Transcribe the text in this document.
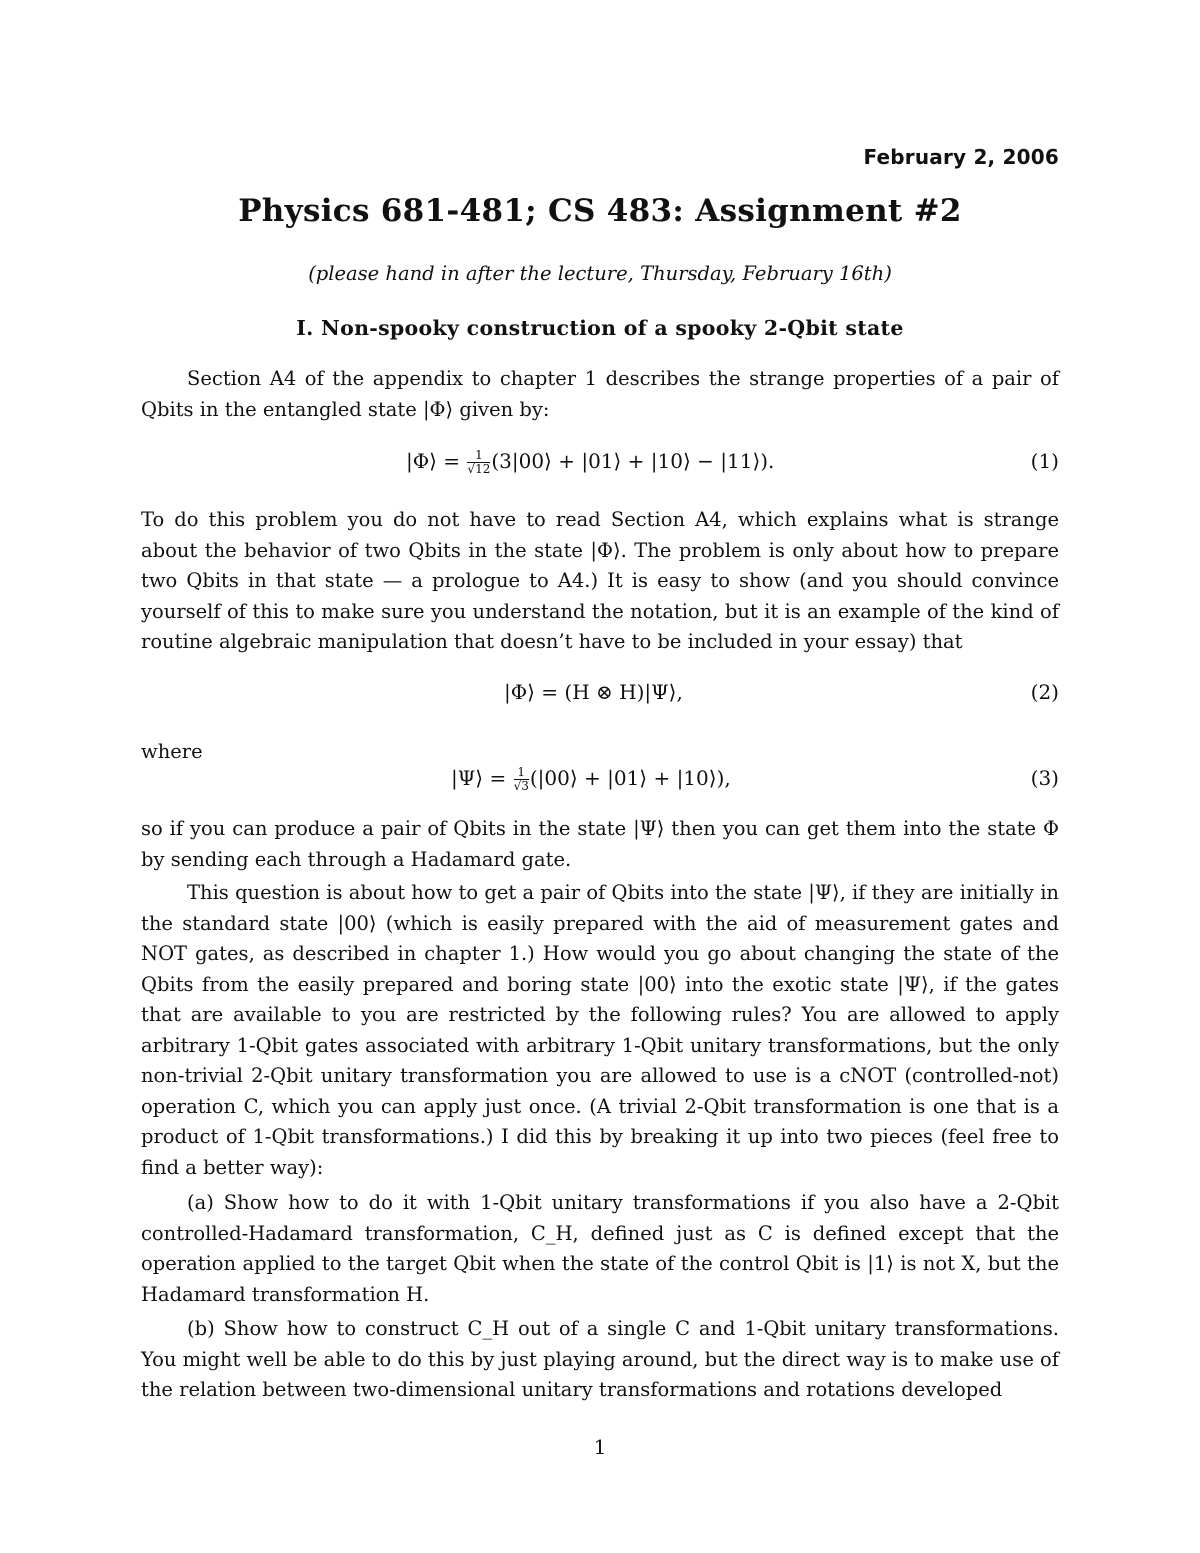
February 2, 2006
Physics 681-481; CS 483: Assignment #2
(please hand in after the lecture, Thursday, February 16th)
I. Non-spooky construction of a spooky 2-Qbit state
Section A4 of the appendix to chapter 1 describes the strange properties of a pair of Qbits in the entangled state |Φ⟩ given by:
|Φ⟩ = $\frac{1}{√12}$ (3|00⟩ + |01⟩ + |10⟩ − |11⟩).	(1)
To do this problem you do not have to read Section A4, which explains what is strange about the behavior of two Qbits in the state |Φ⟩. The problem is only about how to prepare two Qbits in that state — a prologue to A4.) It is easy to show (and you should convince yourself of this to make sure you understand the notation, but it is an example of the kind of routine algebraic manipulation that doesn’t have to be included in your essay) that
|Φ⟩ = (H ⊗ H)|Ψ⟩,	(2)
where
|Ψ⟩ = $\frac{1}{√3}$ (|00⟩ + |01⟩ + |10⟩),	(3)
so if you can produce a pair of Qbits in the state |Ψ⟩ then you can get them into the state Φ by sending each through a Hadamard gate.
This question is about how to get a pair of Qbits into the state |Ψ⟩, if they are initially in the standard state |00⟩ (which is easily prepared with the aid of measurement gates and NOT gates, as described in chapter 1.) How would you go about changing the state of the Qbits from the easily prepared and boring state |00⟩ into the exotic state |Ψ⟩, if the gates that are available to you are restricted by the following rules? You are allowed to apply arbitrary 1-Qbit gates associated with arbitrary 1-Qbit unitary transformations, but the only non-trivial 2-Qbit unitary transformation you are allowed to use is a cNOT (controlled-not) operation C, which you can apply just once. (A trivial 2-Qbit transformation is one that is a product of 1-Qbit transformations.) I did this by breaking it up into two pieces (feel free to find a better way):
(a) Show how to do it with 1-Qbit unitary transformations if you also have a 2-Qbit controlled-Hadamard transformation, C_H, defined just as C is defined except that the operation applied to the target Qbit when the state of the control Qbit is |1⟩ is not X, but the Hadamard transformation H.
(b) Show how to construct C_H out of a single C and 1-Qbit unitary transformations. You might well be able to do this by just playing around, but the direct way is to make use of the relation between two-dimensional unitary transformations and rotations developed
1
